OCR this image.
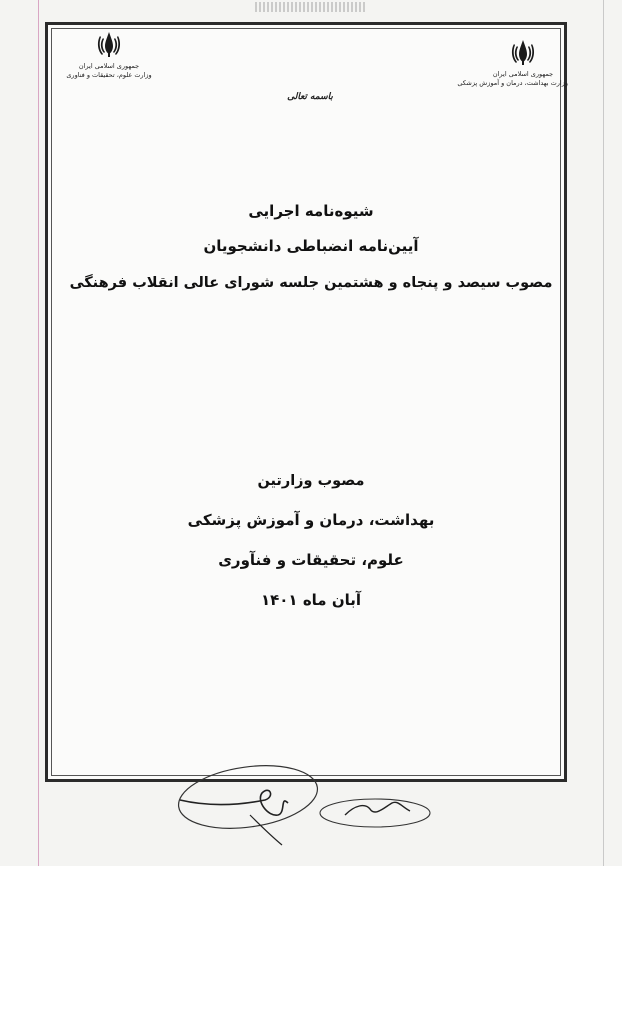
جمهوری اسلامی ایران
وزارت علوم، تحقیقات و فناوری	جمهوری اسلامی ایران
وزارت بهداشت، درمان و آموزش پزشکی
باسمه تعالی
شیوه‌نامه اجرایی
آیین‌نامه انضباطی دانشجویان
مصوب سیصد و پنجاه و هشتمین جلسه شورای عالی انقلاب فرهنگی
مصوب وزارتین
بهداشت، درمان و آموزش پزشکی
علوم، تحقیقات و فنآوری
آبان ماه ۱۴۰۱
